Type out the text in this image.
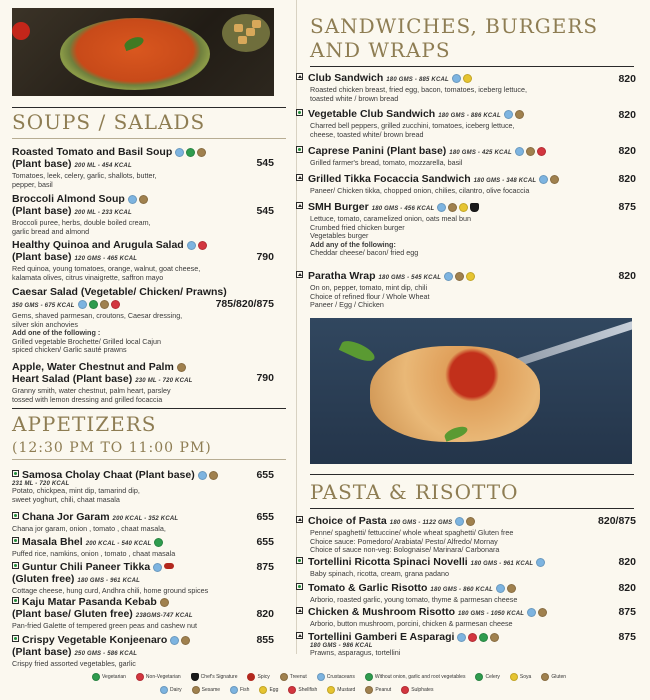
SOUPS / SALADS
Roasted Tomato and Basil Soup
(Plant base) 200 ML - 454 KCAL
Tomatoes, leek, celery, garlic, shallots, butter,
pepper, basil
545
Broccoli Almond Soup
(Plant base) 200 ML - 233 KCAL
Broccoli puree, herbs, double boiled cream,
garlic bread and almond
545
Healthy Quinoa and Arugula Salad
(Plant base) 120 GMS - 465 KCAL
Red quinoa, young tomatoes, orange, walnut, goat cheese,
kalamata olives, citrus vinaigrette, saffron mayo
790
Caesar Salad (Vegetable/ Chicken/ Prawns)
350 GMS - 675 KCAL
Gems, shaved parmesan, croutons, Caesar dressing,
silver skin anchovies
Add one of the following :
Grilled vegetable Brochette/ Grilled local Cajun
spiced chicken/ Garlic sauté prawns
785/820/875
Apple, Water Chestnut and Palm
Heart Salad (Plant base) 230 ML - 720 KCAL
Granny smith, water chestnut, palm heart, parsley
tossed with lemon dressing and grilled focaccia
790
APPETIZERS
(12:30 PM TO 11:00 PM)
Samosa Cholay Chaat (Plant base)
231 ML - 720 KCAL
Potato, chickpea, mint dip, tamarind dip,
sweet yoghurt, chili, chaat masala
655
Chana Jor Garam 200 KCAL - 352 KCAL
Chana jor garam, onion , tomato , chaat masala,
655
Masala Bhel 200 KCAL - 540 KCAL
Puffed rice, namkins, onion , tomato , chaat masala
655
Guntur Chili Paneer Tikka
(Gluten free) 180 GMS - 961 KCAL
Cottage cheese, hung curd, Andhra chili, home ground spices
875
Kaju Matar Pasanda Kebab
(Plant base/ Gluten free) 238GMS-747 KCAL
Pan-fried Galette of tempered green peas and cashew nut
820
Crispy Vegetable Konjeenaro
(Plant base) 250 GMS - 586 KCAL
Crispy fried assorted vegetables, garlic
855
SANDWICHES, BURGERS
AND WRAPS
Club Sandwich 180 GMS - 885 KCAL
Roasted chicken breast, fried egg, bacon, tomatoes, iceberg lettuce,
toasted white / brown bread
820
Vegetable Club Sandwich 180 GMS - 886 KCAL
Charred bell peppers, grilled zucchini, tomatoes, iceberg lettuce,
cheese, toasted white/ brown bread
820
Caprese Panini (Plant base) 180 GMS - 425 KCAL
Grilled farmer's bread, tomato, mozzarella, basil
820
Grilled Tikka Focaccia Sandwich 180 GMS - 348 KCAL
Paneer/ Chicken tikka, chopped onion, chilies, cilantro, olive focaccia
820
SMH Burger 180 GMS - 456 KCAL
Lettuce, tomato, caramelized onion, oats meal bun
Crumbed fried chicken burger
Vegetables burger
Add any of the following:
Cheddar cheese/ bacon/ fried egg
875
Paratha Wrap 180 GMS - 545 KCAL
On on, pepper, tomato, mint dip, chili
Choice of refined flour / Whole Wheat
Paneer / Egg / Chicken
820
PASTA & RISOTTO
Choice of Pasta 180 GMS - 1122 GMS
Penne/ spaghetti/ fettuccine/ whole wheat spaghetti/ Gluten free
Choice sauce: Pomedoro/ Arabiata/ Pesto/ Alfredo/ Mornay
Choice of sauce non-veg: Bolognaise/ Marinara/ Carbonara
820/875
Tortellini Ricotta Spinaci Novelli 180 GMS - 961 KCAL
Baby spinach, ricotta, cream, grana padano
820
Tomato & Garlic Risotto 180 GMS - 860 KCAL
Arborio, roasted garlic, young tomato, thyme & parmesan cheese
820
Chicken & Mushroom Risotto 180 GMS - 1050 KCAL
Arborio, button mushroom, porcini, chicken & parmesan cheese
875
Tortellini Gamberi E Asparagi
180 GMS - 986 KCAL
Prawns, asparagus, tortellini
875
Vegetarian	Non-Vegetarian	Chef's Signature	Spicy	Treenut	Crustaceans	Without onion, garlic and root vegetables	Celery	Soya	Gluten
Dairy	Sesame	Fish	Egg	Shellfish	Mustard	Peanut	Sulphates
